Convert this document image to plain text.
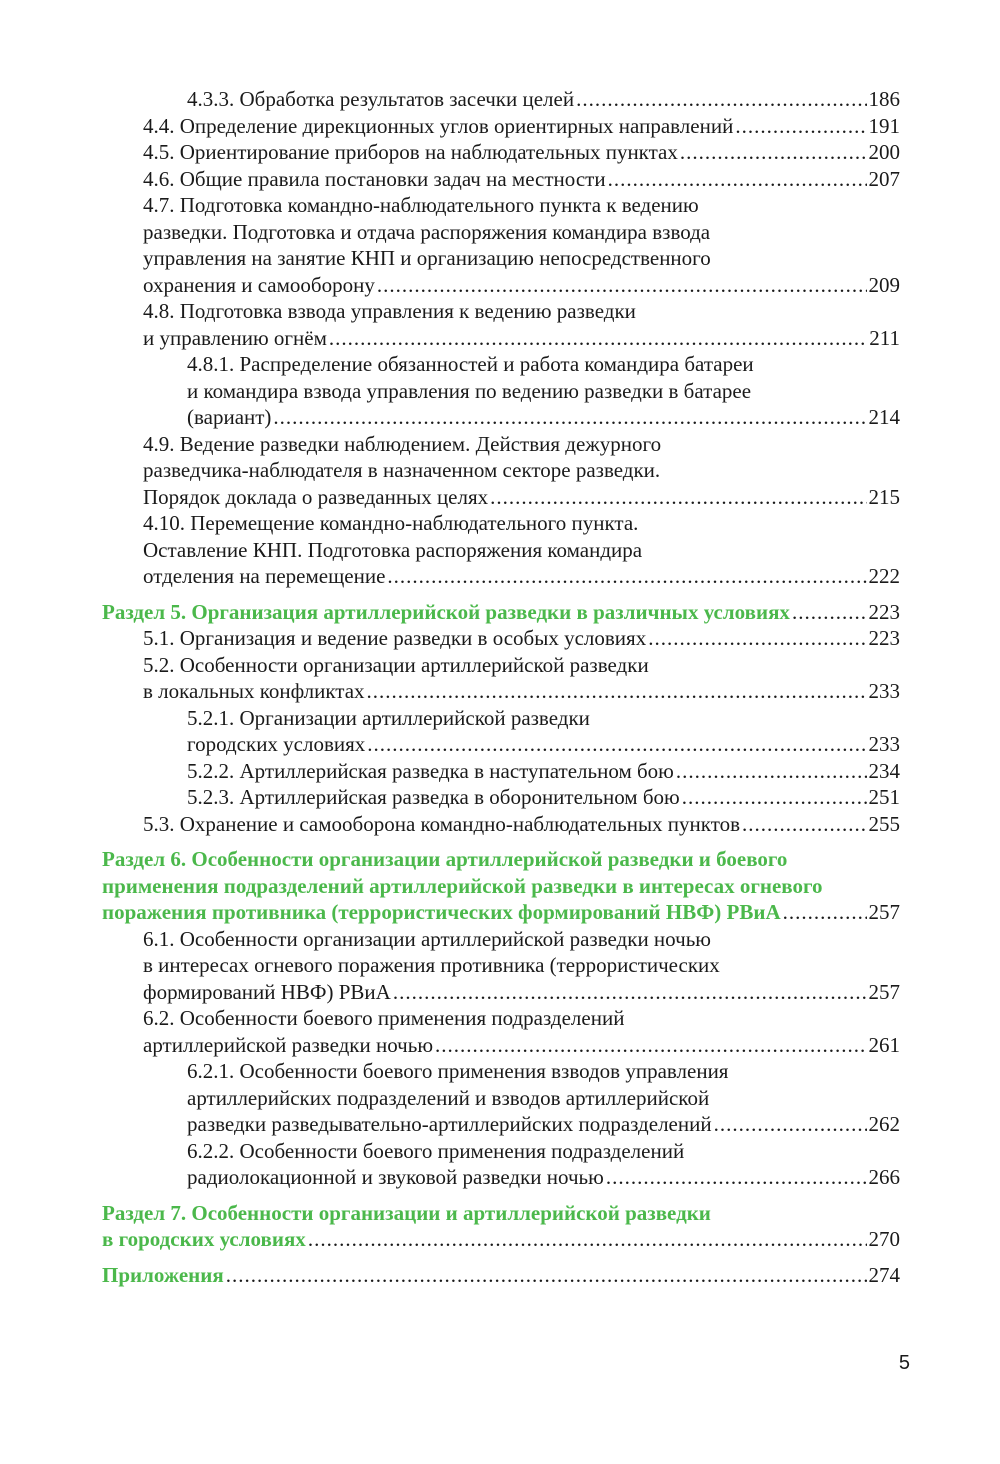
4.3.3. Обработка результатов засечки целей .....	186
4.4. Определение дирекционных углов ориентирных направлений .....	191
4.5. Ориентирование приборов на наблюдательных пунктах .....	200
4.6. Общие правила постановки задач на местности .....	207
4.7. Подготовка командно-наблюдательного пункта к ведению
разведки. Подготовка и отдача распоряжения командира взвода
управления на занятие КНП и организацию непосредственного
охранения и самооборону .....	209
4.8. Подготовка взвода управления к ведению разведки
и управлению огнём .....	211
4.8.1. Распределение обязанностей и работа командира батареи
и командира взвода управления по ведению разведки в батарее
(вариант) .....	214
4.9. Ведение разведки наблюдением. Действия дежурного
разведчика-наблюдателя в назначенном секторе разведки.
Порядок доклада о разведанных целях .....	215
4.10. Перемещение командно-наблюдательного пункта.
Оставление КНП. Подготовка распоряжения командира
отделения на перемещение .....	222
Раздел 5. Организация артиллерийской разведки в различных условиях .....	223
5.1. Организация и ведение разведки в особых условиях .....	223
5.2. Особенности организации артиллерийской разведки
в локальных конфликтах .....	233
5.2.1. Организации артиллерийской разведки
городских условиях .....	233
5.2.2. Артиллерийская разведка в наступательном бою .....	234
5.2.3. Артиллерийская разведка в оборонительном бою .....	251
5.3. Охранение и самооборона командно-наблюдательных пунктов .....	255
Раздел 6. Особенности организации артиллерийской разведки и боевого
применения подразделений артиллерийской разведки в интересах огневого
поражения противника (террористических формирований НВФ) РВиА .....	257
6.1. Особенности организации артиллерийской разведки ночью
в интересах огневого поражения противника (террористических
формирований НВФ) РВиА .....	257
6.2. Особенности боевого применения подразделений
артиллерийской разведки ночью .....	261
6.2.1. Особенности боевого применения взводов управления
артиллерийских подразделений и взводов артиллерийской
разведки разведывательно-артиллерийских подразделений .....	262
6.2.2. Особенности боевого применения подразделений
радиолокационной и звуковой разведки ночью .....	266
Раздел 7. Особенности организации и артиллерийской разведки
в городских условиях .....	270
Приложения .....	274
5
